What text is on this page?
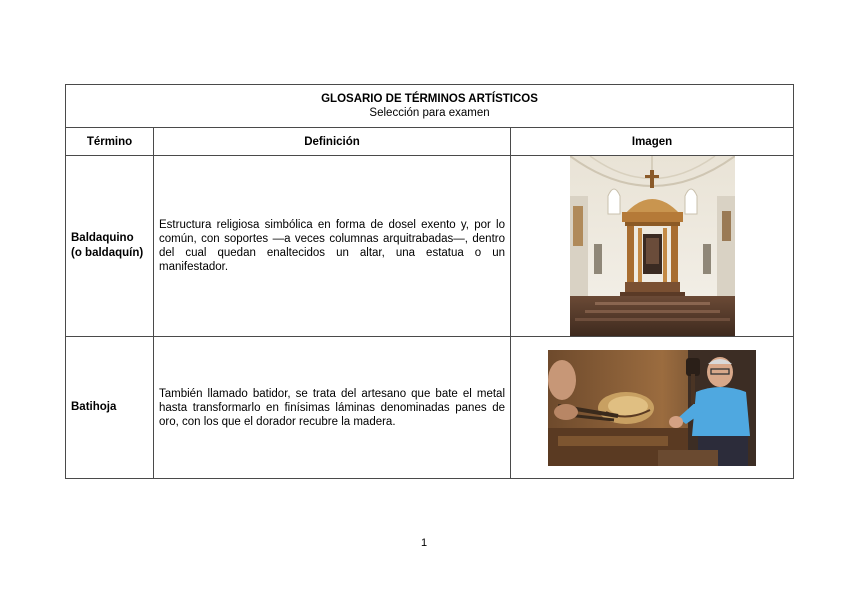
GLOSARIO DE TÉRMINOS ARTÍSTICOS
Selección para examen		

Término	Definición	Imagen

Baldaquino
(o baldaquín)	Estructura religiosa simbólica en forma de dosel exento y, por lo común, con soportes —a veces columnas arquitrabadas—, dentro del cual quedan enaltecidos un altar, una estatua o un manifestador.	

Batihoja	También llamado batidor, se trata del artesano que bate el metal hasta transformarlo en finísimas láminas denominadas panes de oro, con los que el dorador recubre la madera.	
1
